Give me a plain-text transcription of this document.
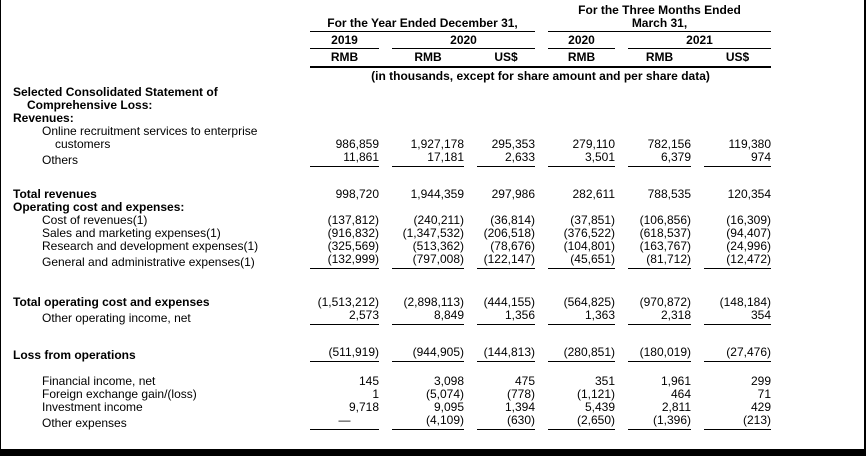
	For the Year Ended December 31,			For the Three Months Ended
March 31,		

	2019	2020		2020	2021	
	RMB	RMB	US$	RMB	RMB	US$

	(in thousands, except for share amount and per share data)					
Selected Consolidated Statement of Comprehensive Loss:						
Revenues:						
Online recruitment services to enterprise customers	986,859	1,927,178	295,353	279,110	782,156	119,380
Others	11,861	17,181	2,633	3,501	6,379	974

Total revenues	998,720	1,944,359	297,986	282,611	788,535	120,354
Operating cost and expenses:						
Cost of revenues(1)	(137,812)	(240,211)	(36,814)	(37,851)	(106,856)	(16,309)
Sales and marketing expenses(1)	(916,832)	(1,347,532)	(206,518)	(376,522)	(618,537)	(94,407)
Research and development expenses(1)	(325,569)	(513,362)	(78,676)	(104,801)	(163,767)	(24,996)
General and administrative expenses(1)	(132,999)	(797,008)	(122,147)	(45,651)	(81,712)	(12,472)

Total operating cost and expenses	(1,513,212)	(2,898,113)	(444,155)	(564,825)	(970,872)	(148,184)
Other operating income, net	2,573	8,849	1,356	1,363	2,318	354

Loss from operations	(511,919)	(944,905)	(144,813)	(280,851)	(180,019)	(27,476)

Financial income, net	145	3,098	475	351	1,961	299
Foreign exchange gain/(loss)	1	(5,074)	(778)	(1,121)	464	71
Investment income	9,718	9,095	1,394	5,439	2,811	429
Other expenses	—	(4,109)	(630)	(2,650)	(1,396)	(213)
